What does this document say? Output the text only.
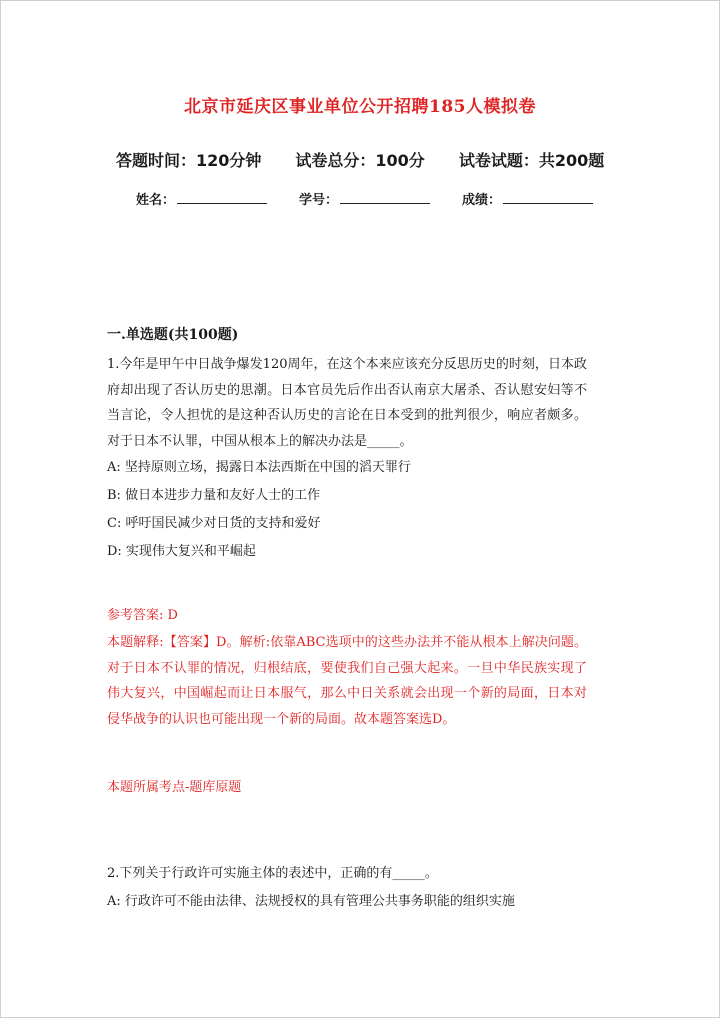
北京市延庆区事业单位公开招聘185人模拟卷
答题时间：120分钟 试卷总分：100分 试卷试题：共200题
姓名：	学号：	成绩：
一.单选题(共100题)
1.今年是甲午中日战争爆发120周年，在这个本来应该充分反思历史的时刻，日本政府却出现了否认历史的思潮。日本官员先后作出否认南京大屠杀、否认慰安妇等不当言论，令人担忧的是这种否认历史的言论在日本受到的批判很少，响应者颇多。对于日本不认罪，中国从根本上的解决办法是_____。
A: 坚持原则立场，揭露日本法西斯在中国的滔天罪行
B: 做日本进步力量和友好人士的工作
C: 呼吁国民减少对日货的支持和爱好
D: 实现伟大复兴和平崛起
参考答案: D
本题解释:【答案】D。解析:依靠ABC选项中的这些办法并不能从根本上解决问题。对于日本不认罪的情况，归根结底，要使我们自己强大起来。一旦中华民族实现了伟大复兴，中国崛起而让日本服气，那么中日关系就会出现一个新的局面，日本对侵华战争的认识也可能出现一个新的局面。故本题答案选D。
本题所属考点-题库原题
2.下列关于行政许可实施主体的表述中，正确的有_____。
A: 行政许可不能由法律、法规授权的具有管理公共事务职能的组织实施
